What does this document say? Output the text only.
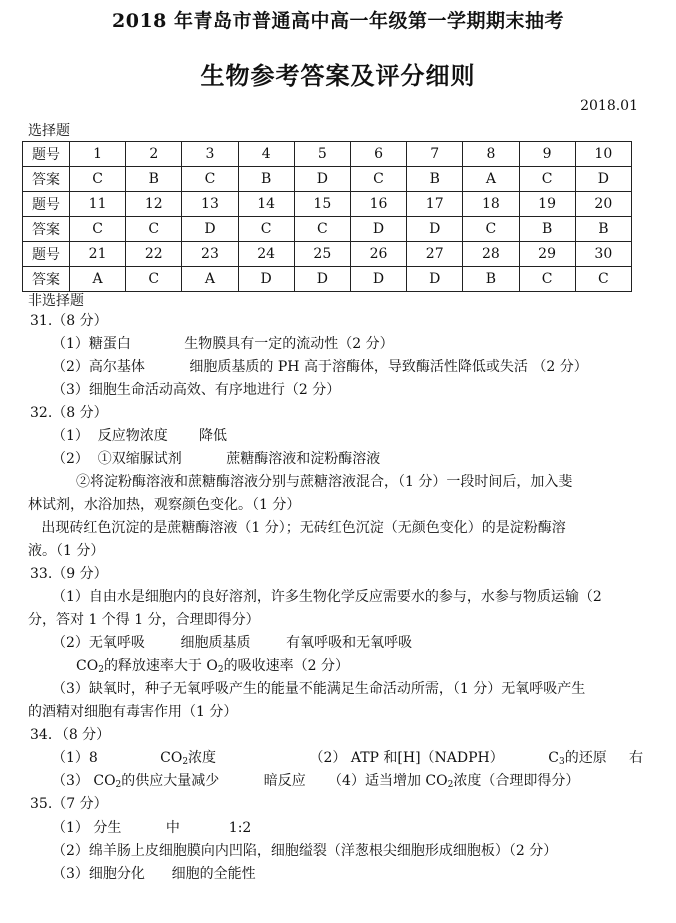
2018 年青岛市普通高中高一年级第一学期期末抽考
生物参考答案及评分细则
2018.01
选择题
题号	1	2	3	4	5	6	7	8	9	10
答案	C	B	C	B	D	C	B	A	C	D
题号	11	12	13	14	15	16	17	18	19	20
答案	C	C	D	C	C	D	D	C	B	B
题号	21	22	23	24	25	26	27	28	29	30
答案	A	C	A	D	D	D	D	B	C	C
非选择题
31.（8 分）
（1）糖蛋白            生物膜具有一定的流动性（2 分）
（2）高尔基体          细胞质基质的 PH 高于溶酶体，导致酶活性降低或失活 （2 分）
（3）细胞生命活动高效、有序地进行（2 分）
32.（8 分）
（1）  反应物浓度       降低
（2）  ①双缩脲试剂          蔗糖酶溶液和淀粉酶溶液
②将淀粉酶溶液和蔗糖酶溶液分别与蔗糖溶液混合，（1 分）一段时间后，加入斐
林试剂，水浴加热，观察颜色变化。（1 分）
出现砖红色沉淀的是蔗糖酶溶液（1 分）；无砖红色沉淀（无颜色变化）的是淀粉酶溶
液。（1 分）
33.（9 分）
（1）自由水是细胞内的良好溶剂，许多生物化学反应需要水的参与，水参与物质运输（2
分，答对 1 个得 1 分，合理即得分）
（2）无氧呼吸        细胞质基质        有氧呼吸和无氧呼吸
$CO_2$的释放速率大于 $O_2$的吸收速率（2 分）
（3）缺氧时，种子无氧呼吸产生的能量不能满足生命活动所需，（1 分）无氧呼吸产生
的酒精对细胞有毒害作用（1 分）
34．（8 分）
（1）8              $CO_2$浓度                     （2） ATP 和[H]（NADPH）          $C_3$的还原     右
（3） $CO_2$的供应大量减少          暗反应     （4）适当增加 $CO_2$浓度（合理即得分）
35.（7 分）
（1） 分生          中           1:2
（2）绵羊肠上皮细胞膜向内凹陷，细胞缢裂（洋葱根尖细胞形成细胞板）（2 分）
（3）细胞分化      细胞的全能性
